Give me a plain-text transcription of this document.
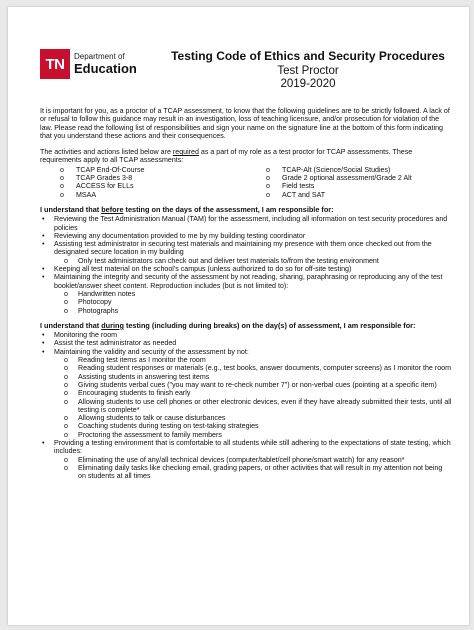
TN	Department of
Education
Testing Code of Ethics and Security Procedures
Test Proctor
2019-2020

It is important for you, as a proctor of a TCAP assessment, to know that the following guidelines are to be strictly followed. A lack of or refusal to follow this guidance may result in an investigation, loss of teaching licensure, and/or prosecution for violation of the law. Please read the following list of responsibilities and sign your name on the signature line at the bottom of this form indicating that you understand these actions and their consequences.

The activities and actions listed below are required as a part of my role as a test proctor for TCAP assessments. These requirements apply to all TCAP assessments:

o TCAP End-Of-Course
o TCAP Grades 3-8
o ACCESS for ELLs
o MSAA
o TCAP-Alt (Science/Social Studies)
o Grade 2 optional assessment/Grade 2 Alt
o Field tests
o ACT and SAT
I understand that before testing on the days of the assessment, I am responsible for:
• Reviewing the Test Administration Manual (TAM) for the assessment, including all information on test security procedures and policies
• Reviewing any documentation provided to me by my building testing coordinator
• Assisting test administrator in securing test materials and maintaining my presence with them once checked out from the designated secure location in my building
o Only test administrators can check out and deliver test materials to/from the testing environment
• Keeping all test material on the school's campus (unless authorized to do so for off-site testing)
• Maintaining the integrity and security of the assessment by not reading, sharing, paraphrasing or reproducing any of the test booklet/answer sheet content. Reproduction includes (but is not limited to):
o Handwritten notes
o Photocopy
o Photographs
I understand that during testing (including during breaks) on the day(s) of assessment, I am responsible for:
• Monitoring the room
• Assist the test administrator as needed
• Maintaining the validity and security of the assessment by not:
o Reading test items as I monitor the room
o Reading student responses or materials (e.g., test books, answer documents, computer screens) as I monitor the room
o Assisting students in answering test items
o Giving students verbal cues ("you may want to re-check number 7") or non-verbal cues (pointing at a specific item)
o Encouraging students to finish early
o Allowing students to use cell phones or other electronic devices, even if they have already submitted their tests, until all testing is complete*
o Allowing students to talk or cause disturbances
o Coaching students during testing on test-taking strategies
o Proctoring the assessment to family members
• Providing a testing environment that is comfortable to all students while still adhering to the expectations of state testing, which includes:
o Eliminating the use of any/all technical devices (computer/tablet/cell phone/smart watch) for any reason*
o Eliminating daily tasks like checking email, grading papers, or other activities that will result in my attention not being on students at all times
